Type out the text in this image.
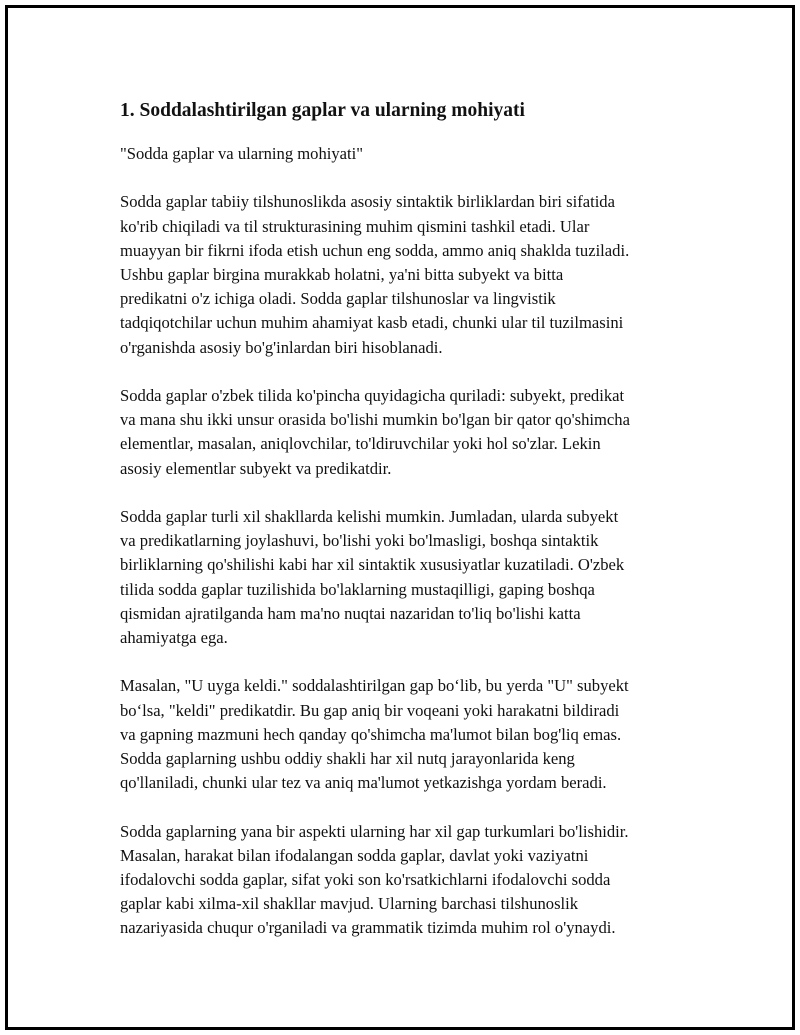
1. Soddalashtirilgan gaplar va ularning mohiyati
"Sodda gaplar va ularning mohiyati"
Sodda gaplar tabiiy tilshunoslikda asosiy sintaktik birliklardan biri sifatida
ko'rib chiqiladi va til strukturasining muhim qismini tashkil etadi. Ular
muayyan bir fikrni ifoda etish uchun eng sodda, ammo aniq shaklda tuziladi.
Ushbu gaplar birgina murakkab holatni, ya'ni bitta subyekt va bitta
predikatni o'z ichiga oladi. Sodda gaplar tilshunoslar va lingvistik
tadqiqotchilar uchun muhim ahamiyat kasb etadi, chunki ular til tuzilmasini
o'rganishda asosiy bo'g'inlardan biri hisoblanadi.
Sodda gaplar o'zbek tilida ko'pincha quyidagicha quriladi: subyekt, predikat
va mana shu ikki unsur orasida bo'lishi mumkin bo'lgan bir qator qo'shimcha
elementlar, masalan, aniqlovchilar, to'ldiruvchilar yoki hol so'zlar. Lekin
asosiy elementlar subyekt va predikatdir.
Sodda gaplar turli xil shakllarda kelishi mumkin. Jumladan, ularda subyekt
va predikatlarning joylashuvi, bo'lishi yoki bo'lmasligi, boshqa sintaktik
birliklarning qo'shilishi kabi har xil sintaktik xususiyatlar kuzatiladi. O'zbek
tilida sodda gaplar tuzilishida bo'laklarning mustaqilligi, gaping boshqa
qismidan ajratilganda ham ma'no nuqtai nazaridan to'liq bo'lishi katta
ahamiyatga ega.
Masalan, "U uyga keldi." soddalashtirilgan gap bo‘lib, bu yerda "U" subyekt
bo‘lsa, "keldi" predikatdir. Bu gap aniq bir voqeani yoki harakatni bildiradi
va gapning mazmuni hech qanday qo'shimcha ma'lumot bilan bog'liq emas.
Sodda gaplarning ushbu oddiy shakli har xil nutq jarayonlarida keng
qo'llaniladi, chunki ular tez va aniq ma'lumot yetkazishga yordam beradi.
Sodda gaplarning yana bir aspekti ularning har xil gap turkumlari bo'lishidir.
Masalan, harakat bilan ifodalangan sodda gaplar, davlat yoki vaziyatni
ifodalovchi sodda gaplar, sifat yoki son ko'rsatkichlarni ifodalovchi sodda
gaplar kabi xilma-xil shakllar mavjud. Ularning barchasi tilshunoslik
nazariyasida chuqur o'rganiladi va grammatik tizimda muhim rol o'ynaydi.
